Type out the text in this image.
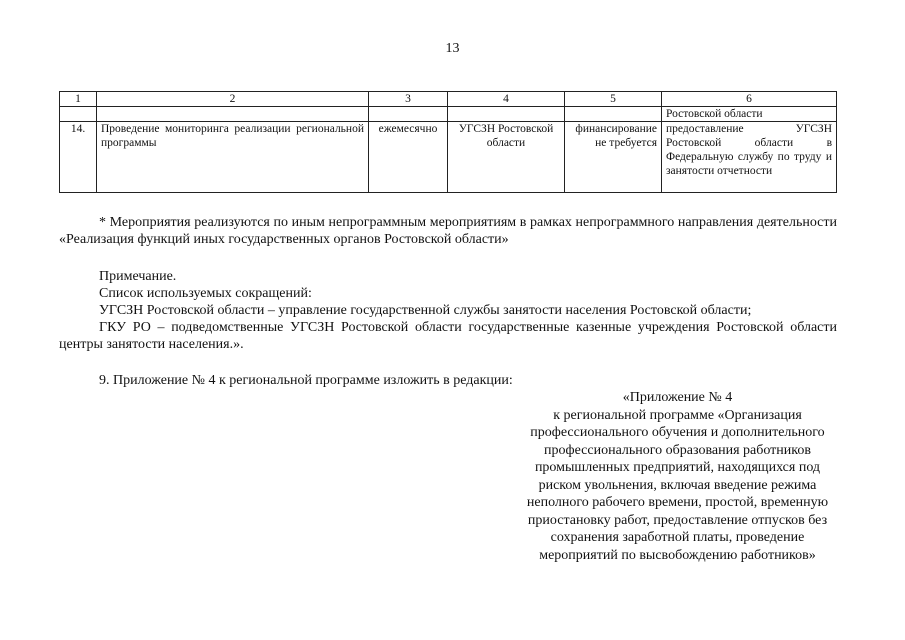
13
1	2	3	4	5	6
					Ростовской области
14.	Проведение мониторинга реализации региональной программы	ежемесячно	УГСЗН Ростовской области	финансирование не требуется	предоставление УГСЗН Ростовской области в Федеральную службу по труду и занятости отчетности
* Мероприятия реализуются по иным непрограммным мероприятиям в рамках непрограммного направления деятельности «Реализация функций иных государственных органов Ростовской области»
Примечание.
Список используемых сокращений:
УГСЗН Ростовской области – управление государственной службы занятости населения Ростовской области;
ГКУ РО – подведомственные УГСЗН Ростовской области государственные казенные учреждения Ростовской области центры занятости населения.».
9. Приложение № 4 к региональной программе изложить в редакции:
«Приложение № 4
к региональной программе «Организация
профессионального обучения и дополнительного
профессионального образования работников
промышленных предприятий, находящихся под
риском увольнения, включая введение режима
неполного рабочего времени, простой, временную
приостановку работ, предоставление отпусков без
сохранения заработной платы, проведение
мероприятий по высвобождению работников»
